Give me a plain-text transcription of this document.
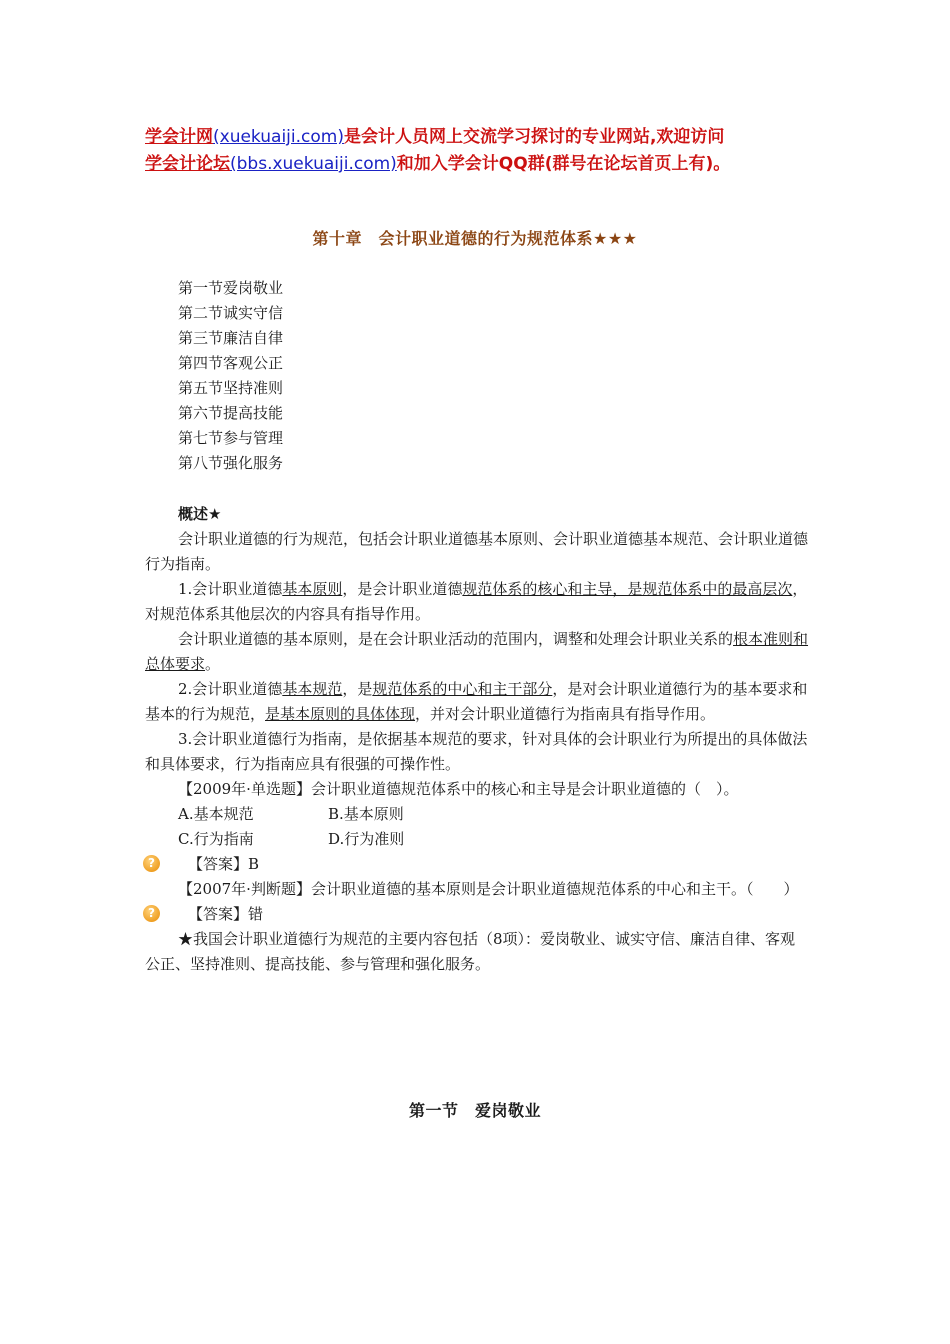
学会计网(xuekuaiji.com)是会计人员网上交流学习探讨的专业网站,欢迎访问
学会计论坛(bbs.xuekuaiji.com)和加入学会计QQ群(群号在论坛首页上有)。
第十章　会计职业道德的行为规范体系★★★
第一节爱岗敬业
第二节诚实守信
第三节廉洁自律
第四节客观公正
第五节坚持准则
第六节提高技能
第七节参与管理
第八节强化服务

概述★

会计职业道德的行为规范，包括会计职业道德基本原则、会计职业道德基本规范、会计职业道德行为指南。

1.会计职业道德基本原则，是会计职业道德规范体系的核心和主导，是规范体系中的最高层次，对规范体系其他层次的内容具有指导作用。

会计职业道德的基本原则，是在会计职业活动的范围内，调整和处理会计职业关系的根本准则和总体要求。

2.会计职业道德基本规范，是规范体系的中心和主干部分，是对会计职业道德行为的基本要求和基本的行为规范，是基本原则的具体体现，并对会计职业道德行为指南具有指导作用。

3.会计职业道德行为指南，是依据基本规范的要求，针对具体的会计职业行为所提出的具体做法和具体要求，行为指南应具有很强的可操作性。

【2009年·单选题】会计职业道德规范体系中的核心和主导是会计职业道德的（　）。

A.基本规范	B.基本原则
C.行为指南	D.行为准则
?	【答案】B

【2007年·判断题】会计职业道德的基本原则是会计职业道德规范体系的中心和主干。（　　）

?	【答案】错

★我国会计职业道德行为规范的主要内容包括（8项）：爱岗敬业、诚实守信、廉洁自律、客观公正、坚持准则、提高技能、参与管理和强化服务。

第一节　爱岗敬业
